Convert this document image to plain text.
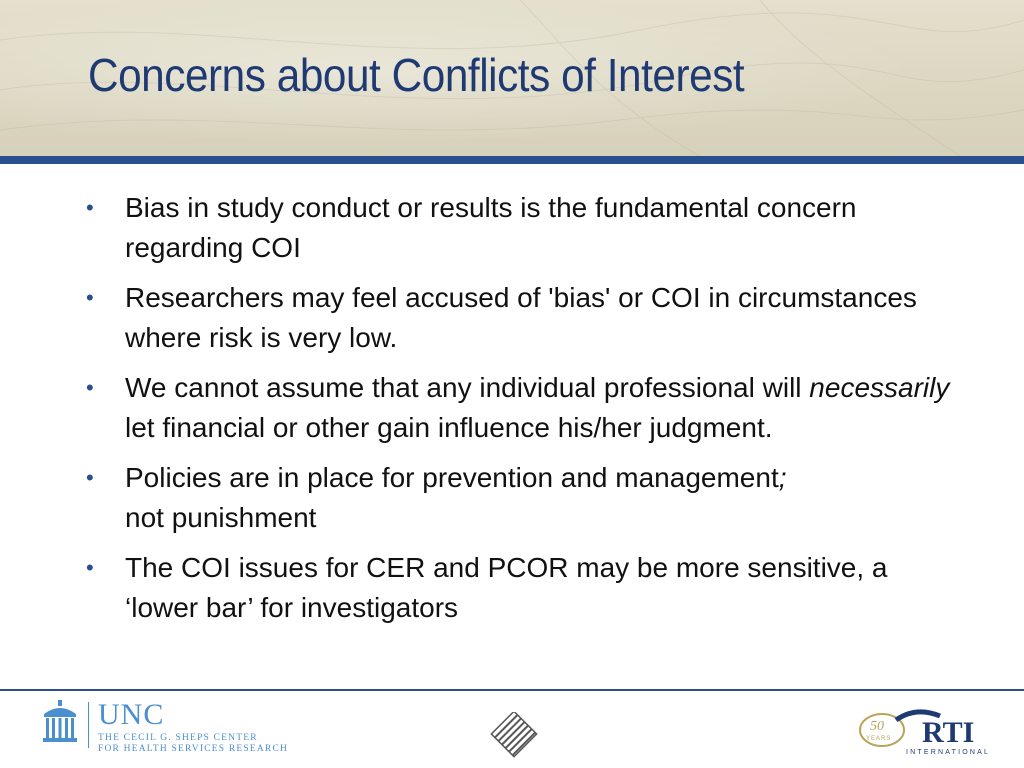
Concerns about Conflicts of Interest
• Bias in study conduct or results is the fundamental concern regarding COI
• Researchers may feel accused of 'bias' or COI in circumstances where risk is very low.
• We cannot assume that any individual professional will necessarily let financial or other gain influence his/her judgment.
• Policies are in place for prevention and management;
not punishment
• The COI issues for CER and PCOR may be more sensitive, a ‘lower bar’ for investigators
UNC
THE CECIL G. SHEPS CENTER
FOR HEALTH SERVICES RESEARCH
50
YEARS RTI
INTERNATIONAL
